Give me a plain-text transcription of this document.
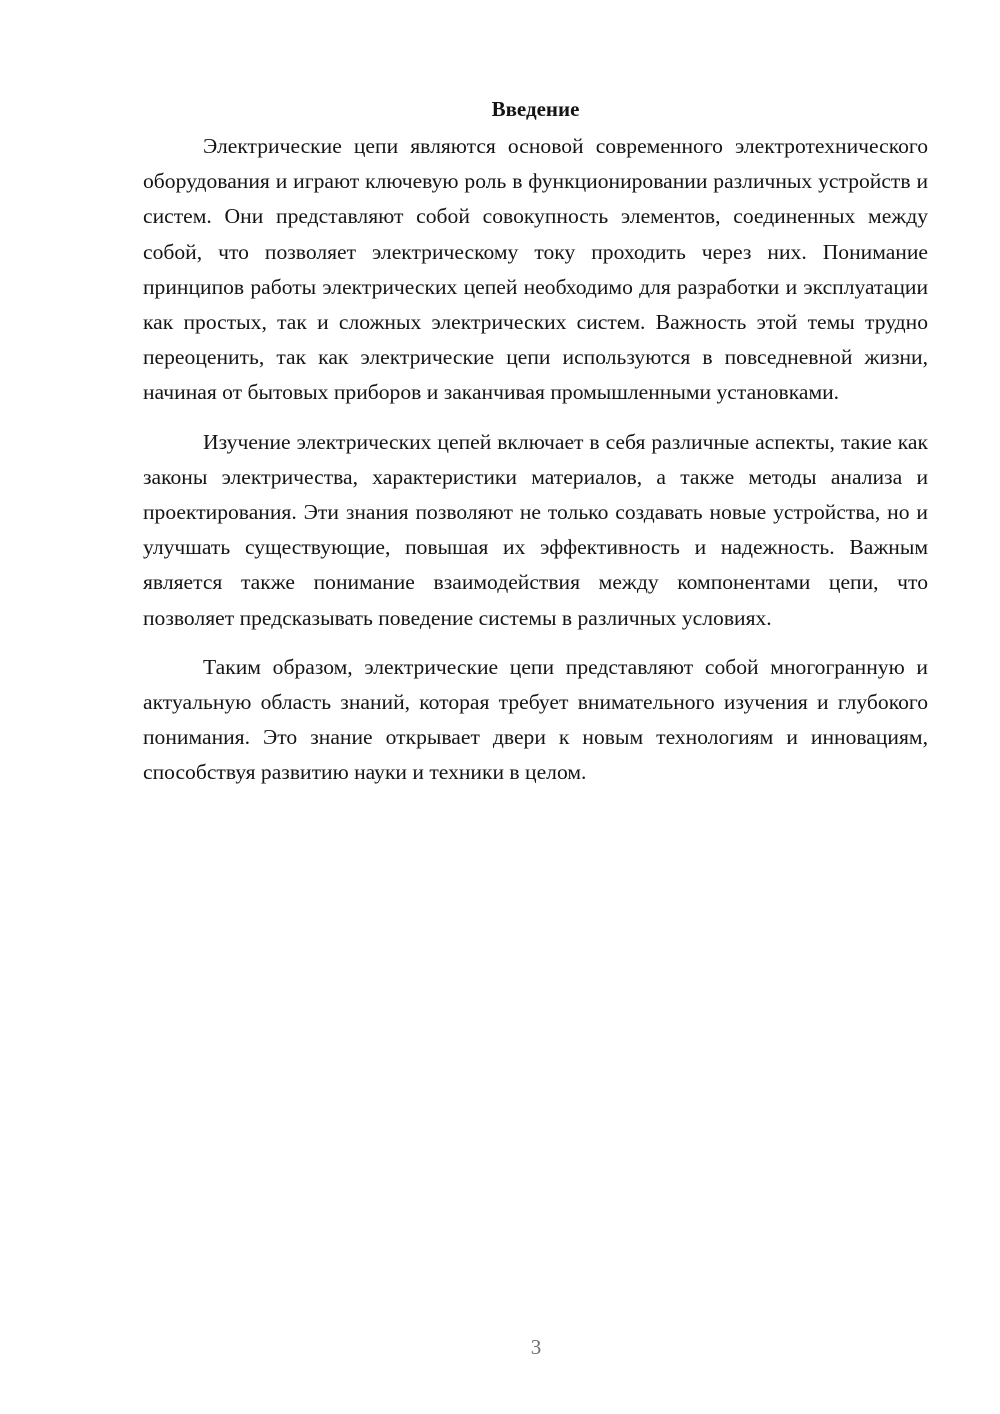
Введение

Электрические цепи являются основой современного электротехнического оборудования и играют ключевую роль в функционировании различных устройств и систем. Они представляют собой совокупность элементов, соединенных между собой, что позволяет электрическому току проходить через них. Понимание принципов работы электрических цепей необходимо для разработки и эксплуатации как простых, так и сложных электрических систем. Важность этой темы трудно переоценить, так как электрические цепи используются в повседневной жизни, начиная от бытовых приборов и заканчивая промышленными установками.

Изучение электрических цепей включает в себя различные аспекты, такие как законы электричества, характеристики материалов, а также методы анализа и проектирования. Эти знания позволяют не только создавать новые устройства, но и улучшать существующие, повышая их эффективность и надежность. Важным является также понимание взаимодействия между компонентами цепи, что позволяет предсказывать поведение системы в различных условиях.

Таким образом, электрические цепи представляют собой многогранную и актуальную область знаний, которая требует внимательного изучения и глубокого понимания. Это знание открывает двери к новым технологиям и инновациям, способствуя развитию науки и техники в целом.

3
